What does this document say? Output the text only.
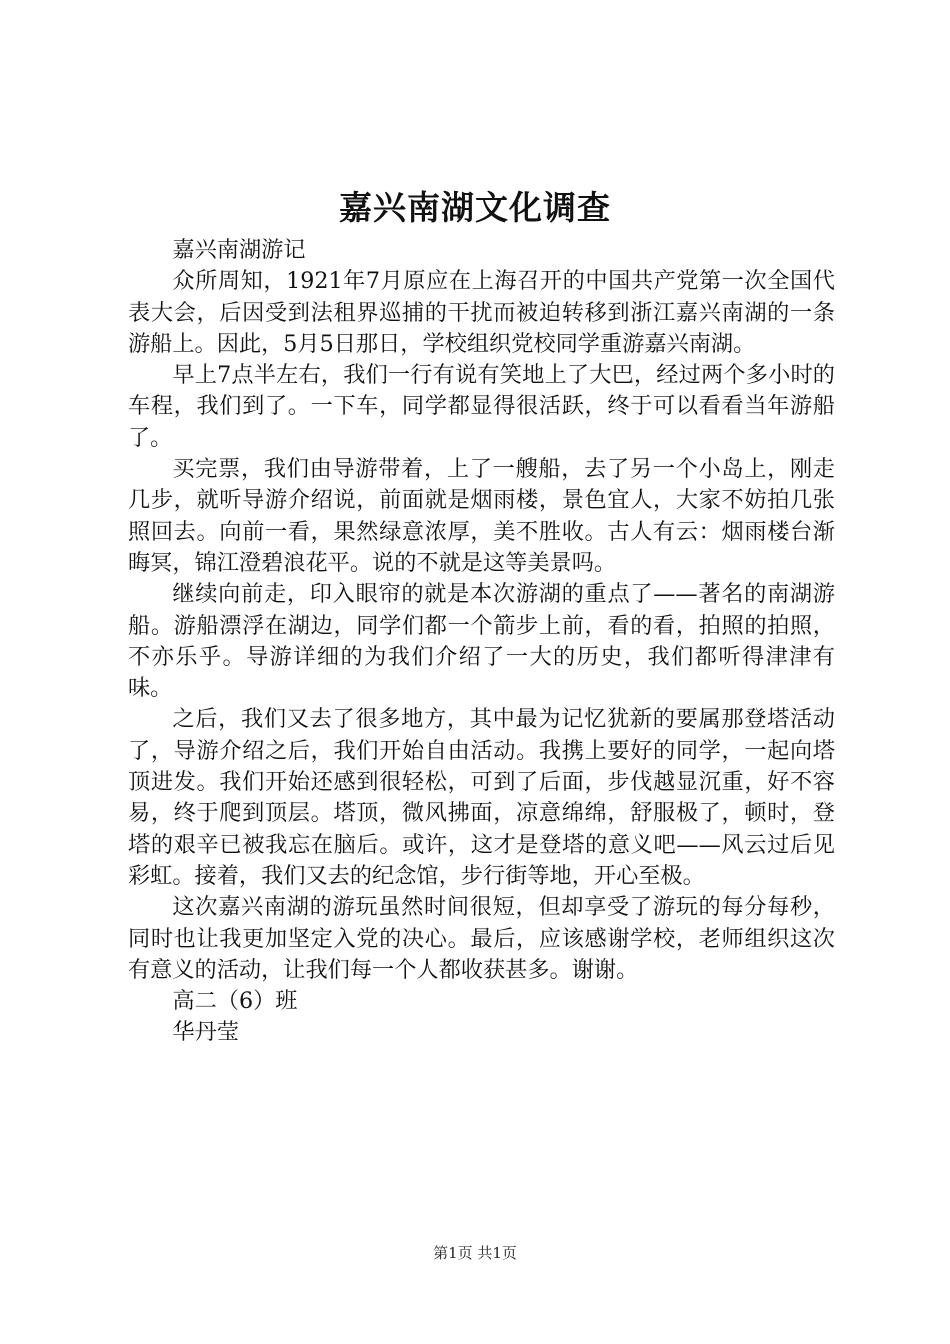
嘉兴南湖文化调查

嘉兴南湖游记

众所周知，1921年7月原应在上海召开的中国共产党第一次全国代表大会，后因受到法租界巡捕的干扰而被迫转移到浙江嘉兴南湖的一条游船上。因此，5月5日那日，学校组织党校同学重游嘉兴南湖。

早上7点半左右，我们一行有说有笑地上了大巴，经过两个多小时的车程，我们到了。一下车，同学都显得很活跃，终于可以看看当年游船了。

买完票，我们由导游带着，上了一艘船，去了另一个小岛上，刚走几步，就听导游介绍说，前面就是烟雨楼，景色宜人，大家不妨拍几张照回去。向前一看，果然绿意浓厚，美不胜收。古人有云：烟雨楼台渐晦冥，锦江澄碧浪花平。说的不就是这等美景吗。

继续向前走，印入眼帘的就是本次游湖的重点了——著名的南湖游船。游船漂浮在湖边，同学们都一个箭步上前，看的看，拍照的拍照，不亦乐乎。导游详细的为我们介绍了一大的历史，我们都听得津津有味。

之后，我们又去了很多地方，其中最为记忆犹新的要属那登塔活动了，导游介绍之后，我们开始自由活动。我携上要好的同学，一起向塔顶进发。我们开始还感到很轻松，可到了后面，步伐越显沉重，好不容易，终于爬到顶层。塔顶，微风拂面，凉意绵绵，舒服极了，顿时，登塔的艰辛已被我忘在脑后。或许，这才是登塔的意义吧——风云过后见彩虹。接着，我们又去的纪念馆，步行街等地，开心至极。

这次嘉兴南湖的游玩虽然时间很短，但却享受了游玩的每分每秒，同时也让我更加坚定入党的决心。最后，应该感谢学校，老师组织这次有意义的活动，让我们每一个人都收获甚多。谢谢。

高二（6）班

华丹莹

第1页 共1页
